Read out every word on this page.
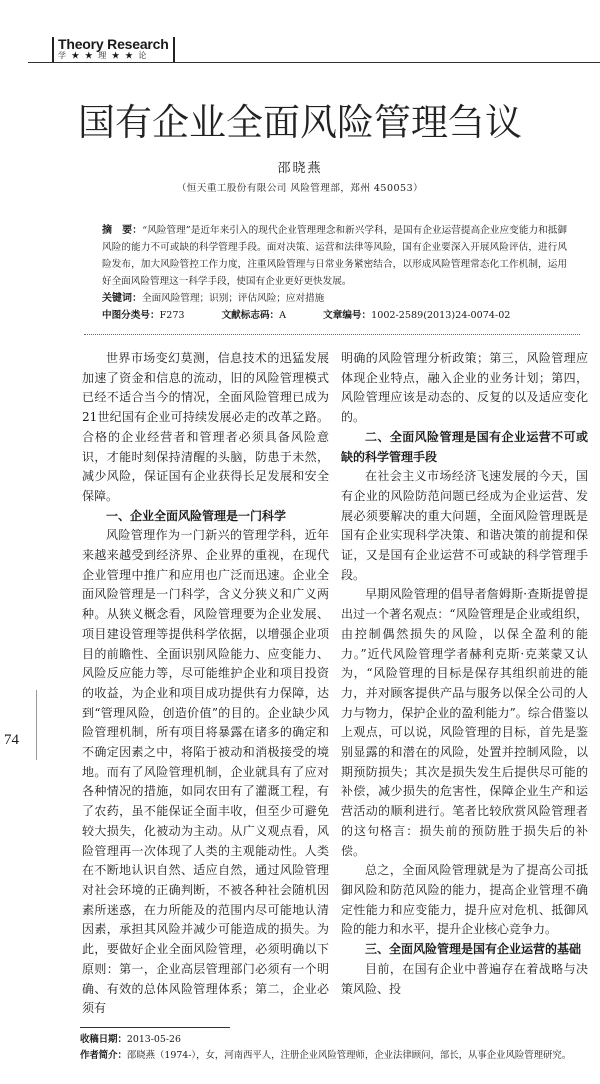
Theory Research
学★★理★★论
74
国有企业全面风险管理刍议
邵晓燕
（恒天重工股份有限公司 风险管理部，郑州 450053）
摘　要：“风险管理”是近年来引入的现代企业管理理念和新兴学科，是国有企业运营提高企业应变能力和抵御风险的能力不可或缺的科学管理手段。面对决策、运营和法律等风险，国有企业要深入开展风险评估，进行风险发布，加大风险管控工作力度，注重风险管理与日常业务紧密结合，以形成风险管理常态化工作机制，运用好全面风险管理这一科学手段，使国有企业更好更快发展。
关键词：全面风险管理；识别；评估风险；应对措施
中图分类号：F273	文献标志码：A	文章编号：1002-2589(2013)24-0074-02

世界市场变幻莫测，信息技术的迅猛发展加速了资金和信息的流动，旧的风险管理模式已经不适合当今的情况，全面风险管理已成为21世纪国有企业可持续发展必走的改革之路。合格的企业经营者和管理者必须具备风险意识，才能时刻保持清醒的头脑，防患于未然，减少风险，保证国有企业获得长足发展和安全保障。

一、企业全面风险管理是一门科学

风险管理作为一门新兴的管理学科，近年来越来越受到经济界、企业界的重视，在现代企业管理中推广和应用也广泛而迅速。企业全面风险管理是一门科学，含义分狭义和广义两种。从狭义概念看，风险管理要为企业发展、项目建设管理等提供科学依据，以增强企业项目的前瞻性、全面识别风险能力、应变能力、风险反应能力等，尽可能维护企业和项目投资的收益，为企业和项目成功提供有力保障，达到“管理风险，创造价值”的目的。企业缺少风险管理机制，所有项目将暴露在诸多的确定和不确定因素之中，将陷于被动和消极接受的境地。而有了风险管理机制，企业就具有了应对各种情况的措施，如同农田有了灌溉工程，有了农药，虽不能保证全面丰收，但至少可避免较大损失，化被动为主动。从广义观点看，风险管理再一次体现了人类的主观能动性。人类在不断地认识自然、适应自然，通过风险管理对社会环境的正确判断，不被各种社会随机因素所迷惑，在力所能及的范围内尽可能地认清因素，承担其风险并减少可能造成的损失。为此，要做好企业全面风险管理，必须明确以下原则：第一，企业高层管理部门必须有一个明确、有效的总体风险管理体系；第二，企业必须有

明确的风险管理分析政策；第三，风险管理应体现企业特点，融入企业的业务计划；第四，风险管理应该是动态的、反复的以及适应变化的。

二、全面风险管理是国有企业运营不可或缺的科学管理手段

在社会主义市场经济飞速发展的今天，国有企业的风险防范问题已经成为企业运营、发展必须要解决的重大问题，全面风险管理既是国有企业实现科学决策、和谐决策的前提和保证，又是国有企业运营不可或缺的科学管理手段。

早期风险管理的倡导者詹姆斯·查斯提曾提出过一个著名观点：“风险管理是企业或组织，由控制偶然损失的风险，以保全盈利的能力。”近代风险管理学者赫利克斯·克莱蒙又认为，“风险管理的目标是保存其组织前进的能力，并对顾客提供产品与服务以保全公司的人力与物力，保护企业的盈利能力”。综合借鉴以上观点，可以说，风险管理的目标，首先是鉴别显露的和潜在的风险，处置并控制风险，以期预防损失；其次是损失发生后提供尽可能的补偿，减少损失的危害性，保障企业生产和运营活动的顺利进行。笔者比较欣赏风险管理者的这句格言：损失前的预防胜于损失后的补偿。

总之，全面风险管理就是为了提高公司抵御风险和防范风险的能力，提高企业管理不确定性能力和应变能力，提升应对危机、抵御风险的能力和水平，提升企业核心竞争力。

三、全面风险管理是国有企业运营的基础

目前，在国有企业中普遍存在着战略与决策风险、投

收稿日期：2013-05-26
作者简介：邵晓燕（1974-），女，河南西平人，注册企业风险管理师，企业法律顾问，部长，从事企业风险管理研究。
